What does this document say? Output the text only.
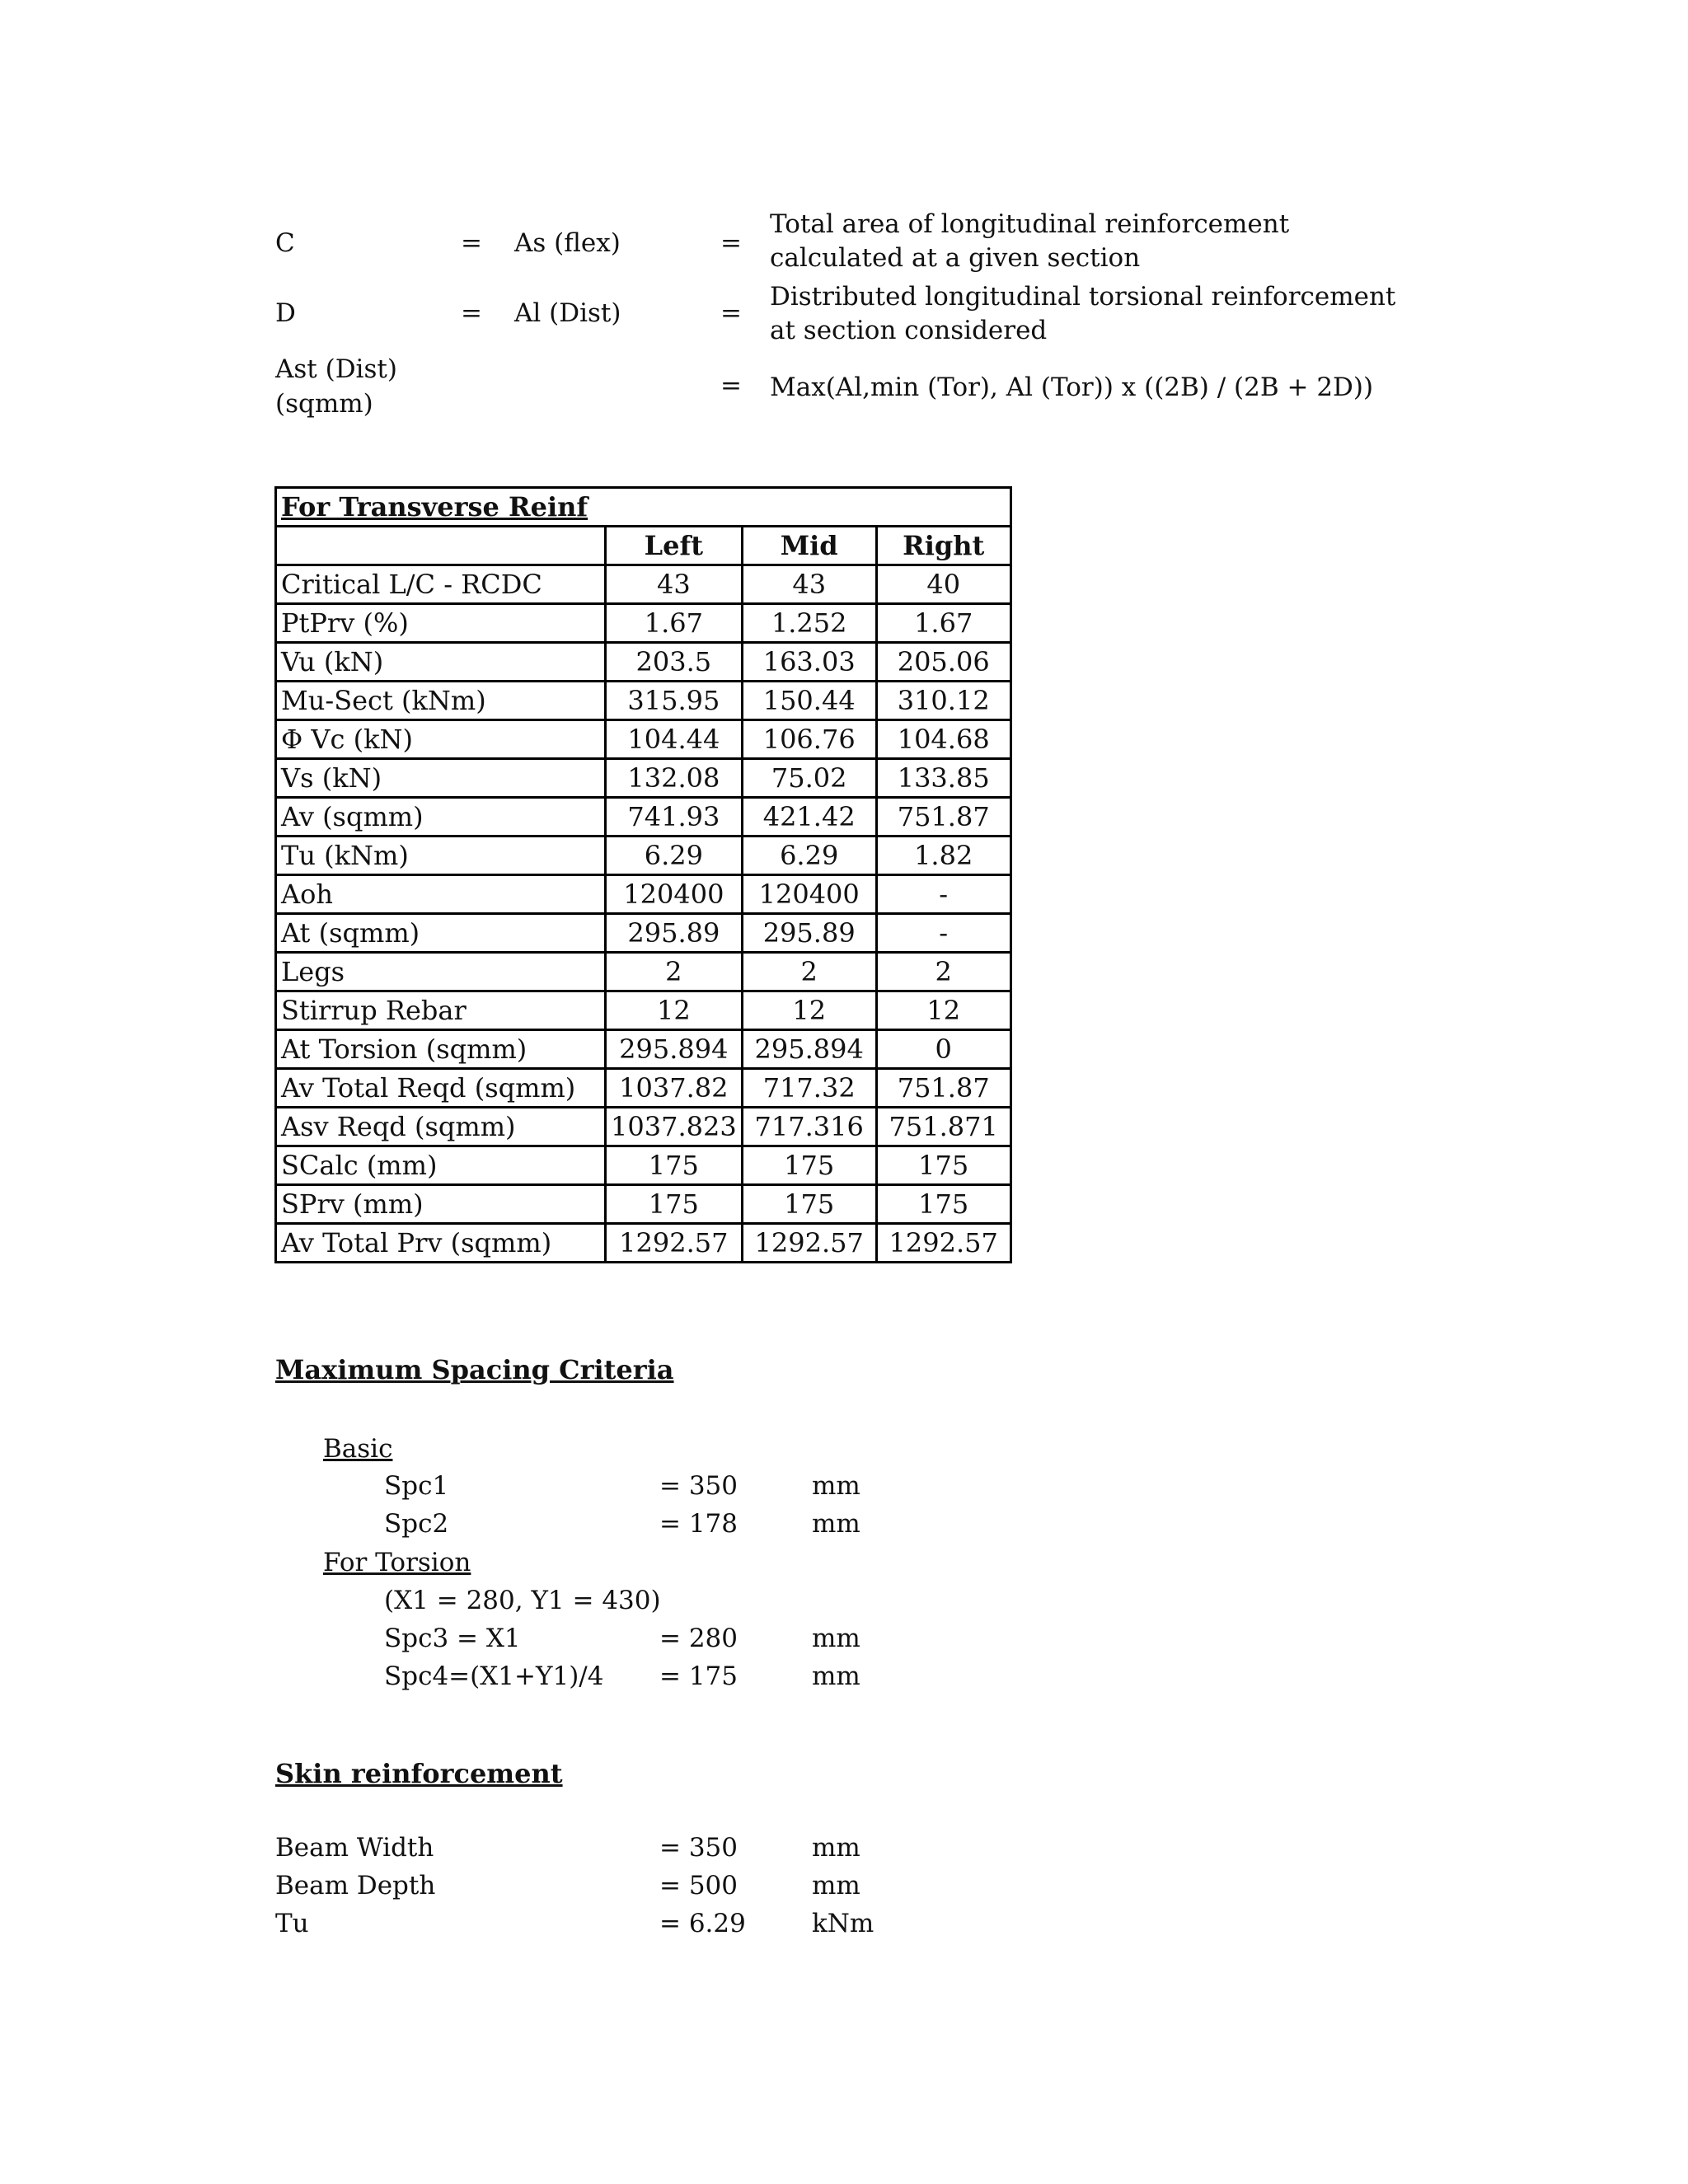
C	= As (flex)	=
Total area of longitudinal reinforcement calculated at a given section
D	= Al (Dist)	=
Distributed longitudinal torsional reinforcement at section considered
Ast (Dist)
(sqmm)
= Max(Al,min (Tor), Al (Tor)) x ((2B) / (2B + 2D))
For Transverse Reinf			
	Left	Mid	Right
Critical L/C - RCDC	43	43	40
PtPrv (%)	1.67	1.252	1.67
Vu (kN)	203.5	163.03	205.06
Mu-Sect (kNm)	315.95	150.44	310.12
Φ Vc (kN)	104.44	106.76	104.68
Vs (kN)	132.08	75.02	133.85
Av (sqmm)	741.93	421.42	751.87
Tu (kNm)	6.29	6.29	1.82
Aoh	120400	120400	-
At (sqmm)	295.89	295.89	-
Legs	2	2	2
Stirrup Rebar	12	12	12
At Torsion (sqmm)	295.894	295.894	0
Av Total Reqd (sqmm)	1037.82	717.32	751.87
Asv Reqd (sqmm)	1037.823	717.316	751.871
SCalc (mm)	175	175	175
SPrv (mm)	175	175	175
Av Total Prv (sqmm)	1292.57	1292.57	1292.57
Maximum Spacing Criteria
Basic
Spc1	= 350	mm
Spc2	= 178	mm
For Torsion
(X1 = 280, Y1 = 430)
Spc3 = X1	= 280	mm
Spc4=(X1+Y1)/4 = 175	mm
Skin reinforcement
Beam Width	= 350	mm
Beam Depth	= 500	mm
Tu	= 6.29	kNm
